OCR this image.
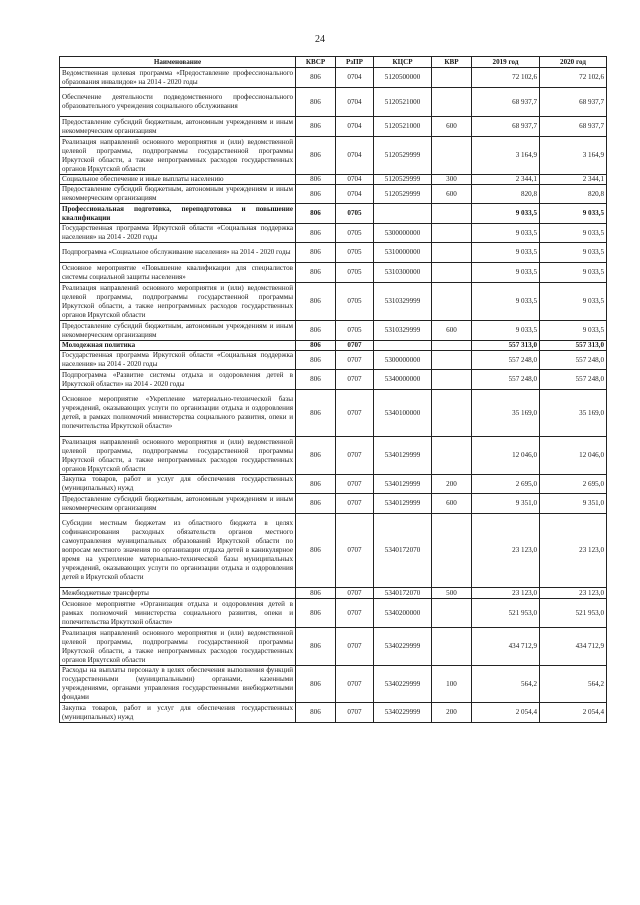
24
Наименование	КВСР	РзПР	КЦСР	КВР	2019 год	2020 год
Ведомственная целевая программа «Предоставление профессионального образования инвалидов» на 2014 - 2020 годы	806	0704	5120500000		72 102,6	72 102,6
Обеспечение деятельности подведомственного профессионального образовательного учреждения социального обслуживания	806	0704	5120521000		68 937,7	68 937,7
Предоставление субсидий бюджетным, автономным учреждениям и иным некоммерческим организациям	806	0704	5120521000	600	68 937,7	68 937,7
Реализация направлений основного мероприятия и (или) ведомственной целевой программы, подпрограммы государственной программы Иркутской области, а также непрограммных расходов государственных органов Иркутской области	806	0704	5120529999		3 164,9	3 164,9
Социальное обеспечение и иные выплаты населению	806	0704	5120529999	300	2 344,1	2 344,1
Предоставление субсидий бюджетным, автономным учреждениям и иным некоммерческим организациям	806	0704	5120529999	600	820,8	820,8
Профессиональная подготовка, переподготовка и повышение квалификации	806	0705			9 033,5	9 033,5
Государственная программа Иркутской области «Социальная поддержка населения» на 2014 - 2020 годы	806	0705	5300000000		9 033,5	9 033,5
Подпрограмма «Социальное обслуживание населения» на 2014 - 2020 годы	806	0705	5310000000		9 033,5	9 033,5
Основное мероприятие «Повышение квалификации для специалистов системы социальной защиты населения»	806	0705	5310300000		9 033,5	9 033,5
Реализация направлений основного мероприятия и (или) ведомственной целевой программы, подпрограммы государственной программы Иркутской области, а также непрограммных расходов государственных органов Иркутской области	806	0705	5310329999		9 033,5	9 033,5
Предоставление субсидий бюджетным, автономным учреждениям и иным некоммерческим организациям	806	0705	5310329999	600	9 033,5	9 033,5
Молодежная политика	806	0707			557 313,0	557 313,0
Государственная программа Иркутской области «Социальная поддержка населения» на 2014 - 2020 годы	806	0707	5300000000		557 248,0	557 248,0
Подпрограмма «Развитие системы отдыха и оздоровления детей в Иркутской области» на 2014 - 2020 годы	806	0707	5340000000		557 248,0	557 248,0
Основное мероприятие «Укрепление материально-технической базы учреждений, оказывающих услуги по организации отдыха и оздоровления детей, в рамках полномочий министерства социального развития, опеки и попечительства Иркутской области»	806	0707	5340100000		35 169,0	35 169,0
Реализация направлений основного мероприятия и (или) ведомственной целевой программы, подпрограммы государственной программы Иркутской области, а также непрограммных расходов государственных органов Иркутской области	806	0707	5340129999		12 046,0	12 046,0
Закупка товаров, работ и услуг для обеспечения государственных (муниципальных) нужд	806	0707	5340129999	200	2 695,0	2 695,0
Предоставление субсидий бюджетным, автономным учреждениям и иным некоммерческим организациям	806	0707	5340129999	600	9 351,0	9 351,0
Субсидии местным бюджетам из областного бюджета в целях софинансирования расходных обязательств органов местного самоуправления муниципальных образований Иркутской области по вопросам местного значения по организации отдыха детей в каникулярное время на укрепление материально-технической базы муниципальных учреждений, оказывающих услуги по организации отдыха и оздоровления детей в Иркутской области	806	0707	5340172070		23 123,0	23 123,0
Межбюджетные трансферты	806	0707	5340172070	500	23 123,0	23 123,0
Основное мероприятие «Организация отдыха и оздоровления детей в рамках полномочий министерства социального развития, опеки и попечительства Иркутской области»	806	0707	5340200000		521 953,0	521 953,0
Реализация направлений основного мероприятия и (или) ведомственной целевой программы, подпрограммы государственной программы Иркутской области, а также непрограммных расходов государственных органов Иркутской области	806	0707	5340229999		434 712,9	434 712,9
Расходы на выплаты персоналу в целях обеспечения выполнения функций государственными (муниципальными) органами, казенными учреждениями, органами управления государственными внебюджетными фондами	806	0707	5340229999	100	564,2	564,2
Закупка товаров, работ и услуг для обеспечения государственных (муниципальных) нужд	806	0707	5340229999	200	2 054,4	2 054,4
